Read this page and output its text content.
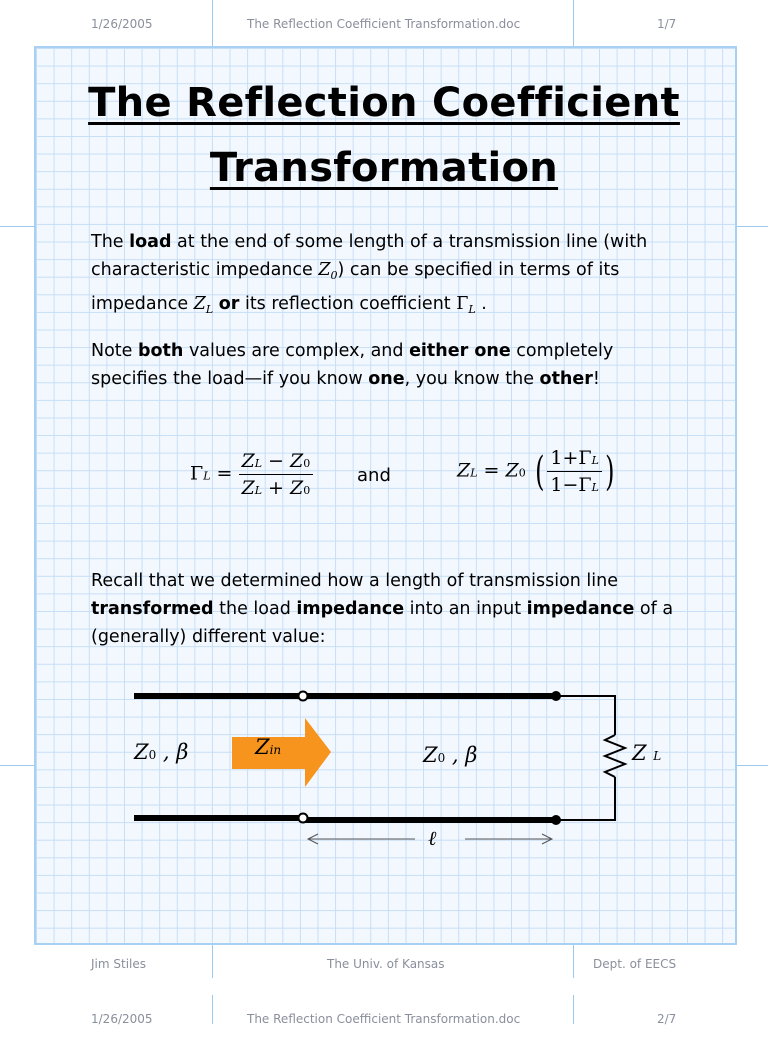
1/26/2005	The Reflection Coefficient Transformation.doc	1/7
The Reflection Coefficient
Transformation

The load at the end of some length of a transmission line (with

characteristic impedance $Z_0$) can be specified in terms of its

impedance $Z_L$ or its reflection coefficient $\Gamma_L$ .

Note both values are complex, and either one completely

specifies the load—if you know one, you know the other!

$\Gamma L = \frac{ZL - Z0}{ZL + Z0}$ and	ZL = Z0 ( $\frac{1+\Gamma L}{1-\Gamma L}$ )

Recall that we determined how a length of transmission line

transformed the load impedance into an input impedance of a

(generally) different value:

Z0 , β	Zin	Z0 , β	Z L
ℓ
Jim Stiles	The Univ. of Kansas	Dept. of EECS
1/26/2005	The Reflection Coefficient Transformation.doc	2/7
